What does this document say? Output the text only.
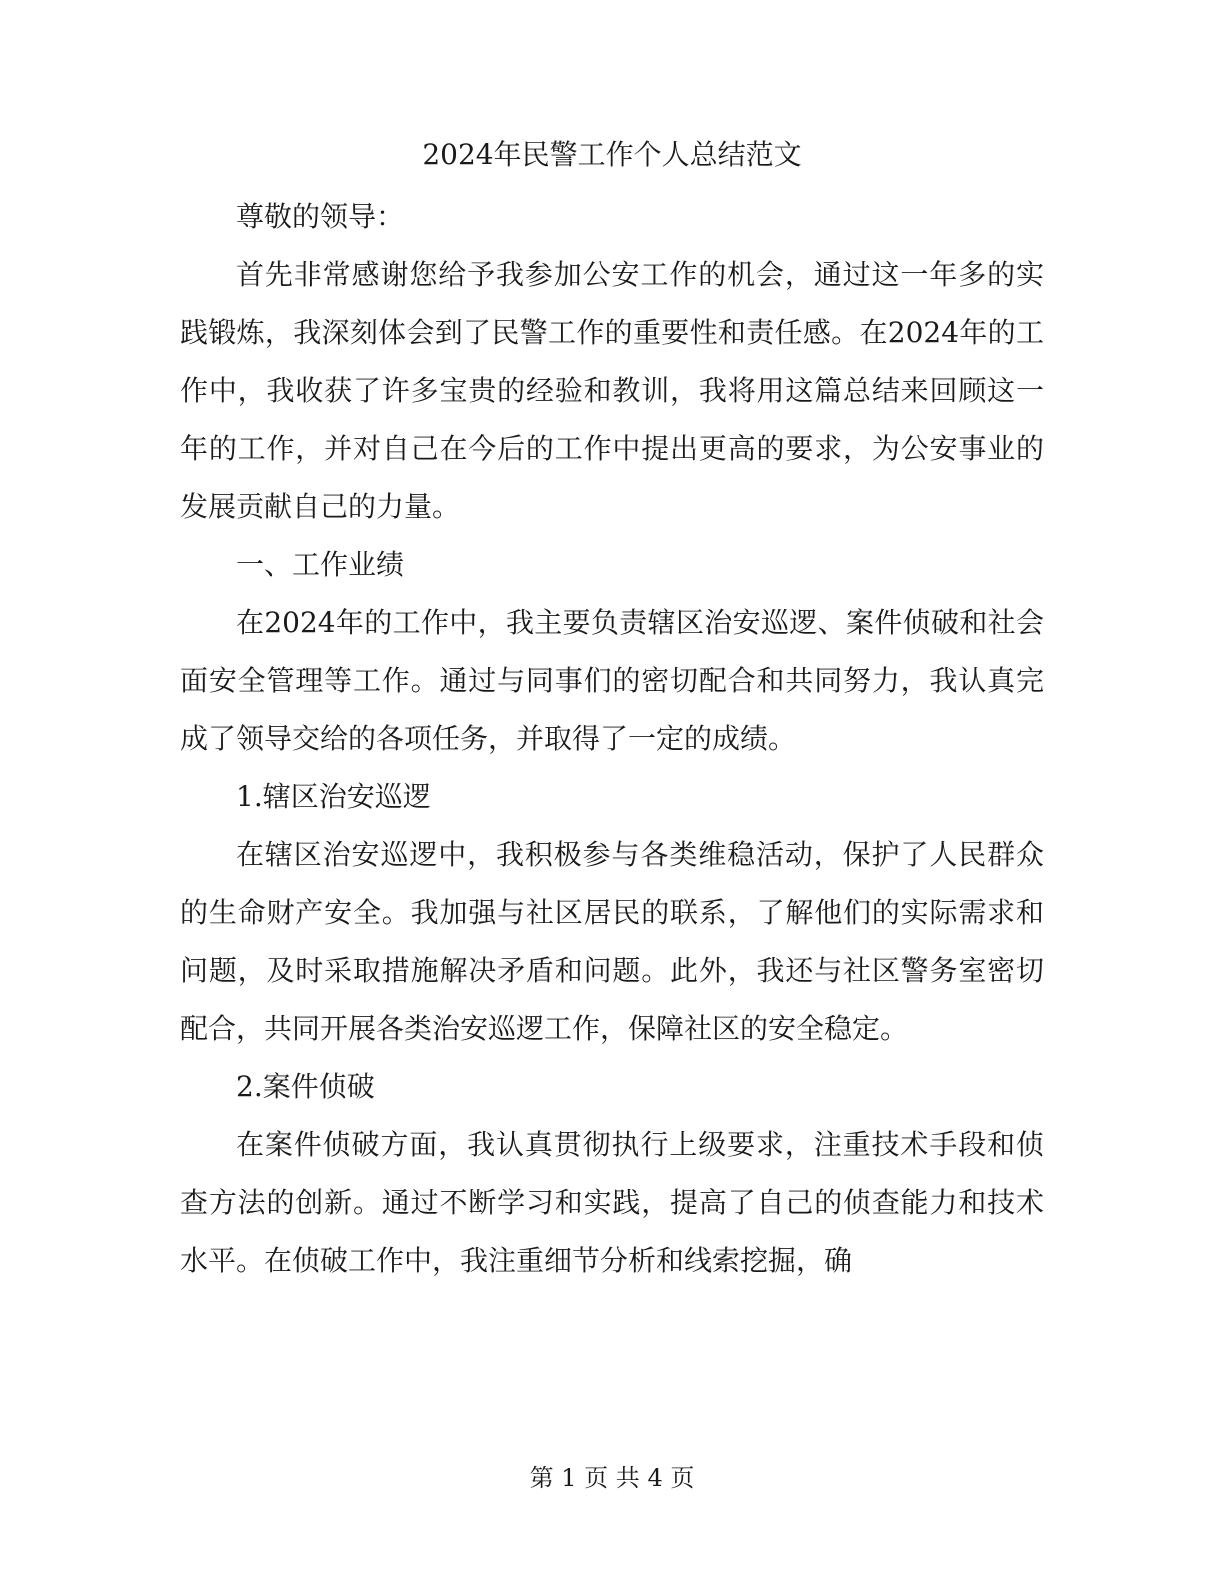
2024年民警工作个人总结范文

尊敬的领导：

首先非常感谢您给予我参加公安工作的机会，通过这一年多的实践锻炼，我深刻体会到了民警工作的重要性和责任感。在2024年的工作中，我收获了许多宝贵的经验和教训，我将用这篇总结来回顾这一年的工作，并对自己在今后的工作中提出更高的要求，为公安事业的发展贡献自己的力量。

一、工作业绩

在2024年的工作中，我主要负责辖区治安巡逻、案件侦破和社会面安全管理等工作。通过与同事们的密切配合和共同努力，我认真完成了领导交给的各项任务，并取得了一定的成绩。

1.辖区治安巡逻

在辖区治安巡逻中，我积极参与各类维稳活动，保护了人民群众的生命财产安全。我加强与社区居民的联系，了解他们的实际需求和问题，及时采取措施解决矛盾和问题。此外，我还与社区警务室密切配合，共同开展各类治安巡逻工作，保障社区的安全稳定。

2.案件侦破

在案件侦破方面，我认真贯彻执行上级要求，注重技术手段和侦查方法的创新。通过不断学习和实践，提高了自己的侦查能力和技术水平。在侦破工作中，我注重细节分析和线索挖掘，确

第 1 页 共 4 页
